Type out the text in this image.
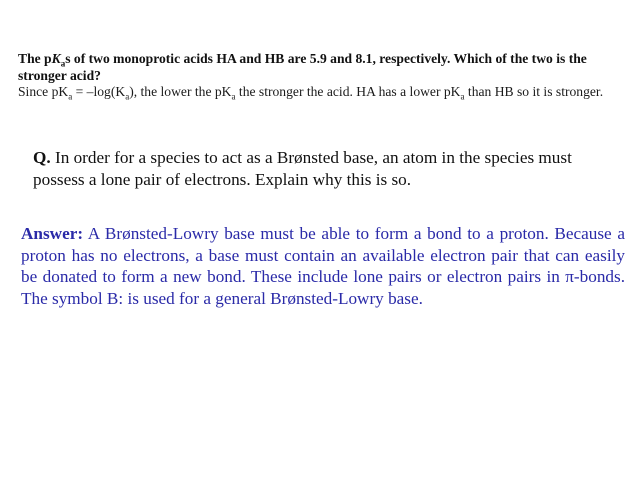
The $pK_as$ of two monoprotic acids HA and HB are 5.9 and 8.1, respectively. Which of the two is the stronger acid?

Since $pK_a = -\log(K_a)$, the lower the $pK_a$ the stronger the acid. HA has a lower $pK_a$ than HB so it is stronger.

Q. In order for a species to act as a Brønsted base, an atom in the species must possess a lone pair of electrons. Explain why this is so.

Answer: A Brønsted-Lowry base must be able to form a bond to a proton. Because a proton has no electrons, a base must contain an available electron pair that can easily be donated to form a new bond. These include lone pairs or electron pairs in π-bonds. The symbol B: is used for a general Brønsted-Lowry base.
